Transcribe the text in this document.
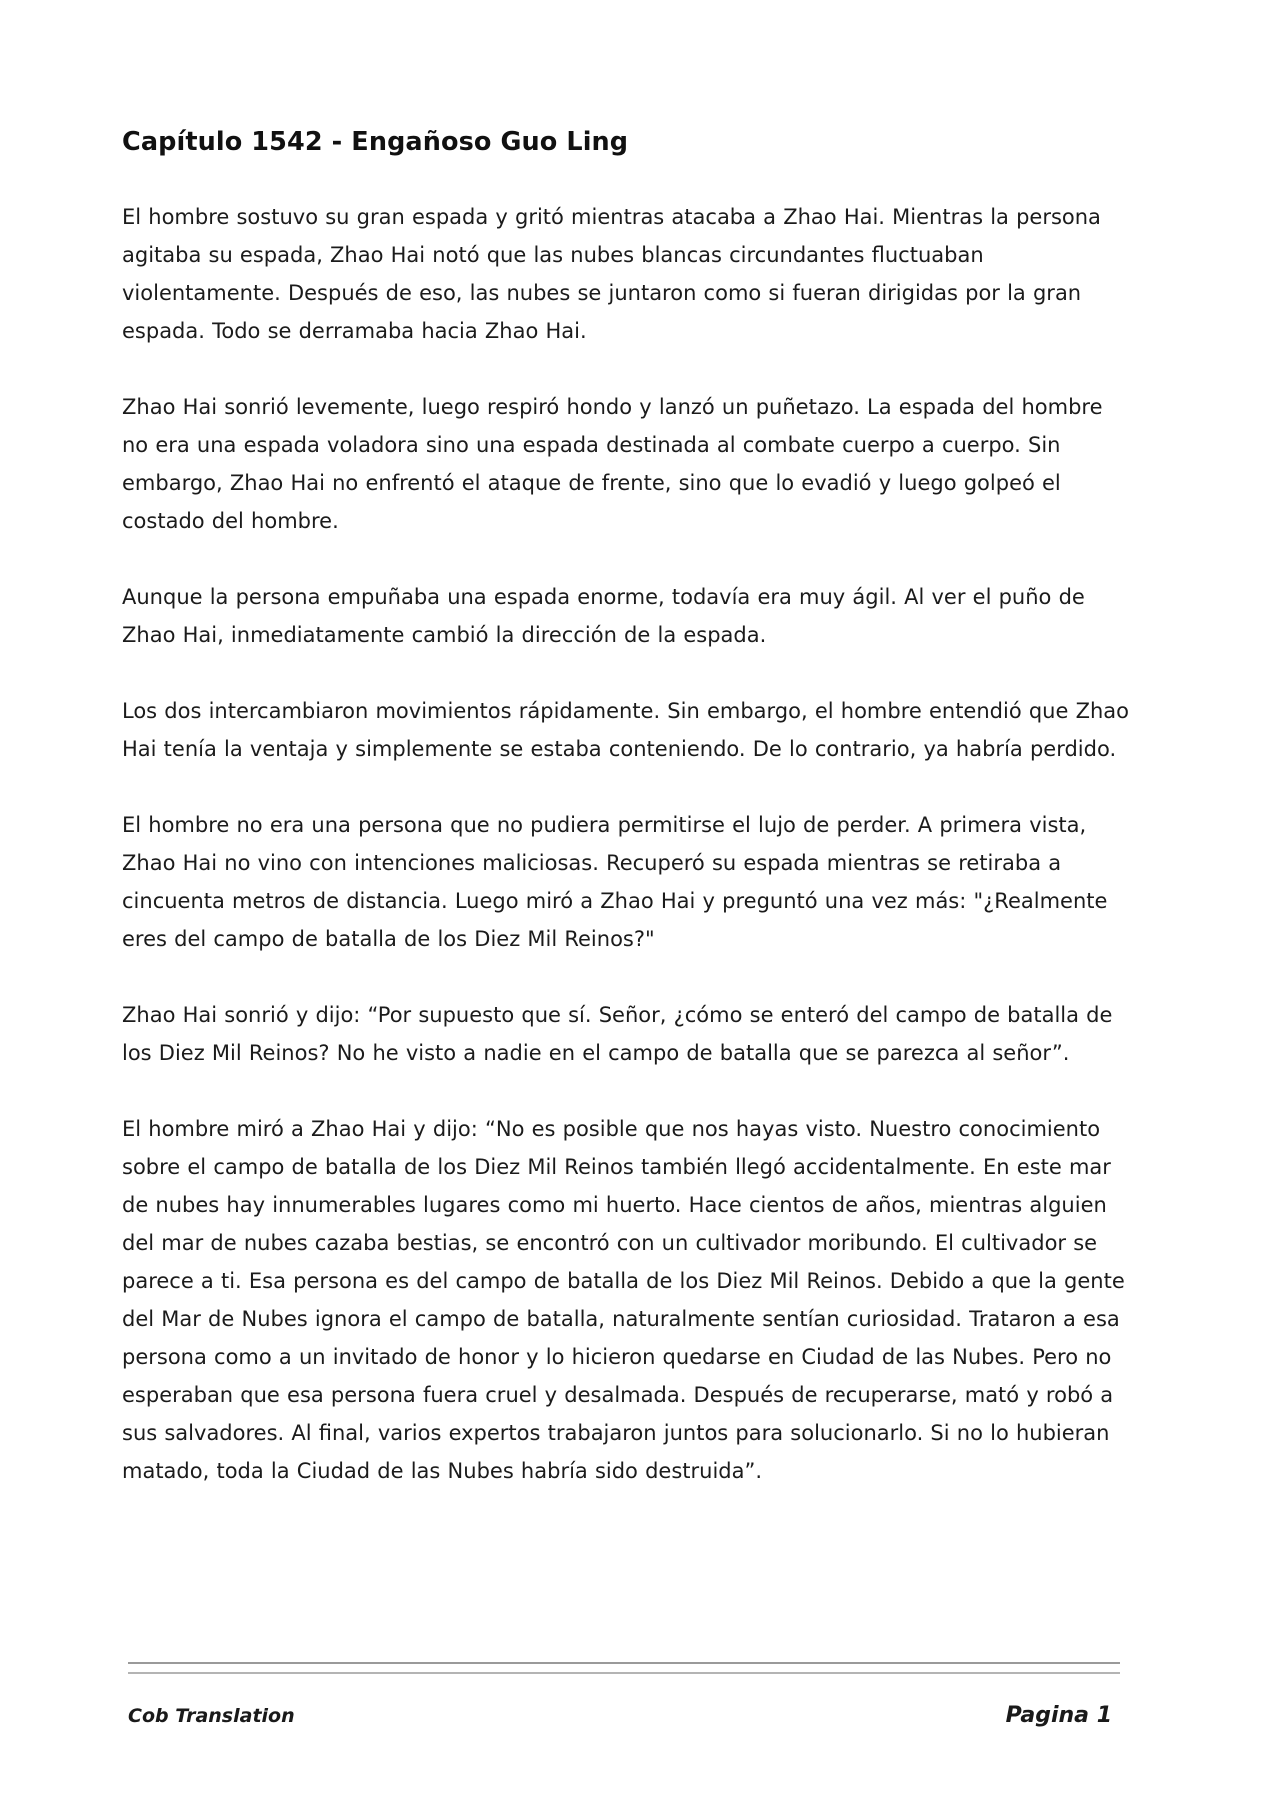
Capítulo 1542 - Engañoso Guo Ling

El hombre sostuvo su gran espada y gritó mientras atacaba a Zhao Hai. Mientras la persona agitaba su espada, Zhao Hai notó que las nubes blancas circundantes fluctuaban violentamente. Después de eso, las nubes se juntaron como si fueran dirigidas por la gran espada. Todo se derramaba hacia Zhao Hai.

Zhao Hai sonrió levemente, luego respiró hondo y lanzó un puñetazo. La espada del hombre no era una espada voladora sino una espada destinada al combate cuerpo a cuerpo. Sin embargo, Zhao Hai no enfrentó el ataque de frente, sino que lo evadió y luego golpeó el costado del hombre.

Aunque la persona empuñaba una espada enorme, todavía era muy ágil. Al ver el puño de Zhao Hai, inmediatamente cambió la dirección de la espada.

Los dos intercambiaron movimientos rápidamente. Sin embargo, el hombre entendió que Zhao Hai tenía la ventaja y simplemente se estaba conteniendo. De lo contrario, ya habría perdido.

El hombre no era una persona que no pudiera permitirse el lujo de perder. A primera vista, Zhao Hai no vino con intenciones maliciosas. Recuperó su espada mientras se retiraba a cincuenta metros de distancia. Luego miró a Zhao Hai y preguntó una vez más: "¿Realmente eres del campo de batalla de los Diez Mil Reinos?"

Zhao Hai sonrió y dijo: “Por supuesto que sí. Señor, ¿cómo se enteró del campo de batalla de los Diez Mil Reinos? No he visto a nadie en el campo de batalla que se parezca al señor”.

El hombre miró a Zhao Hai y dijo: “No es posible que nos hayas visto. Nuestro conocimiento sobre el campo de batalla de los Diez Mil Reinos también llegó accidentalmente. En este mar de nubes hay innumerables lugares como mi huerto. Hace cientos de años, mientras alguien del mar de nubes cazaba bestias, se encontró con un cultivador moribundo. El cultivador se parece a ti. Esa persona es del campo de batalla de los Diez Mil Reinos. Debido a que la gente del Mar de Nubes ignora el campo de batalla, naturalmente sentían curiosidad. Trataron a esa persona como a un invitado de honor y lo hicieron quedarse en Ciudad de las Nubes. Pero no esperaban que esa persona fuera cruel y desalmada. Después de recuperarse, mató y robó a sus salvadores. Al final, varios expertos trabajaron juntos para solucionarlo. Si no lo hubieran matado, toda la Ciudad de las Nubes habría sido destruida”.

Cob Translation	Pagina 1
